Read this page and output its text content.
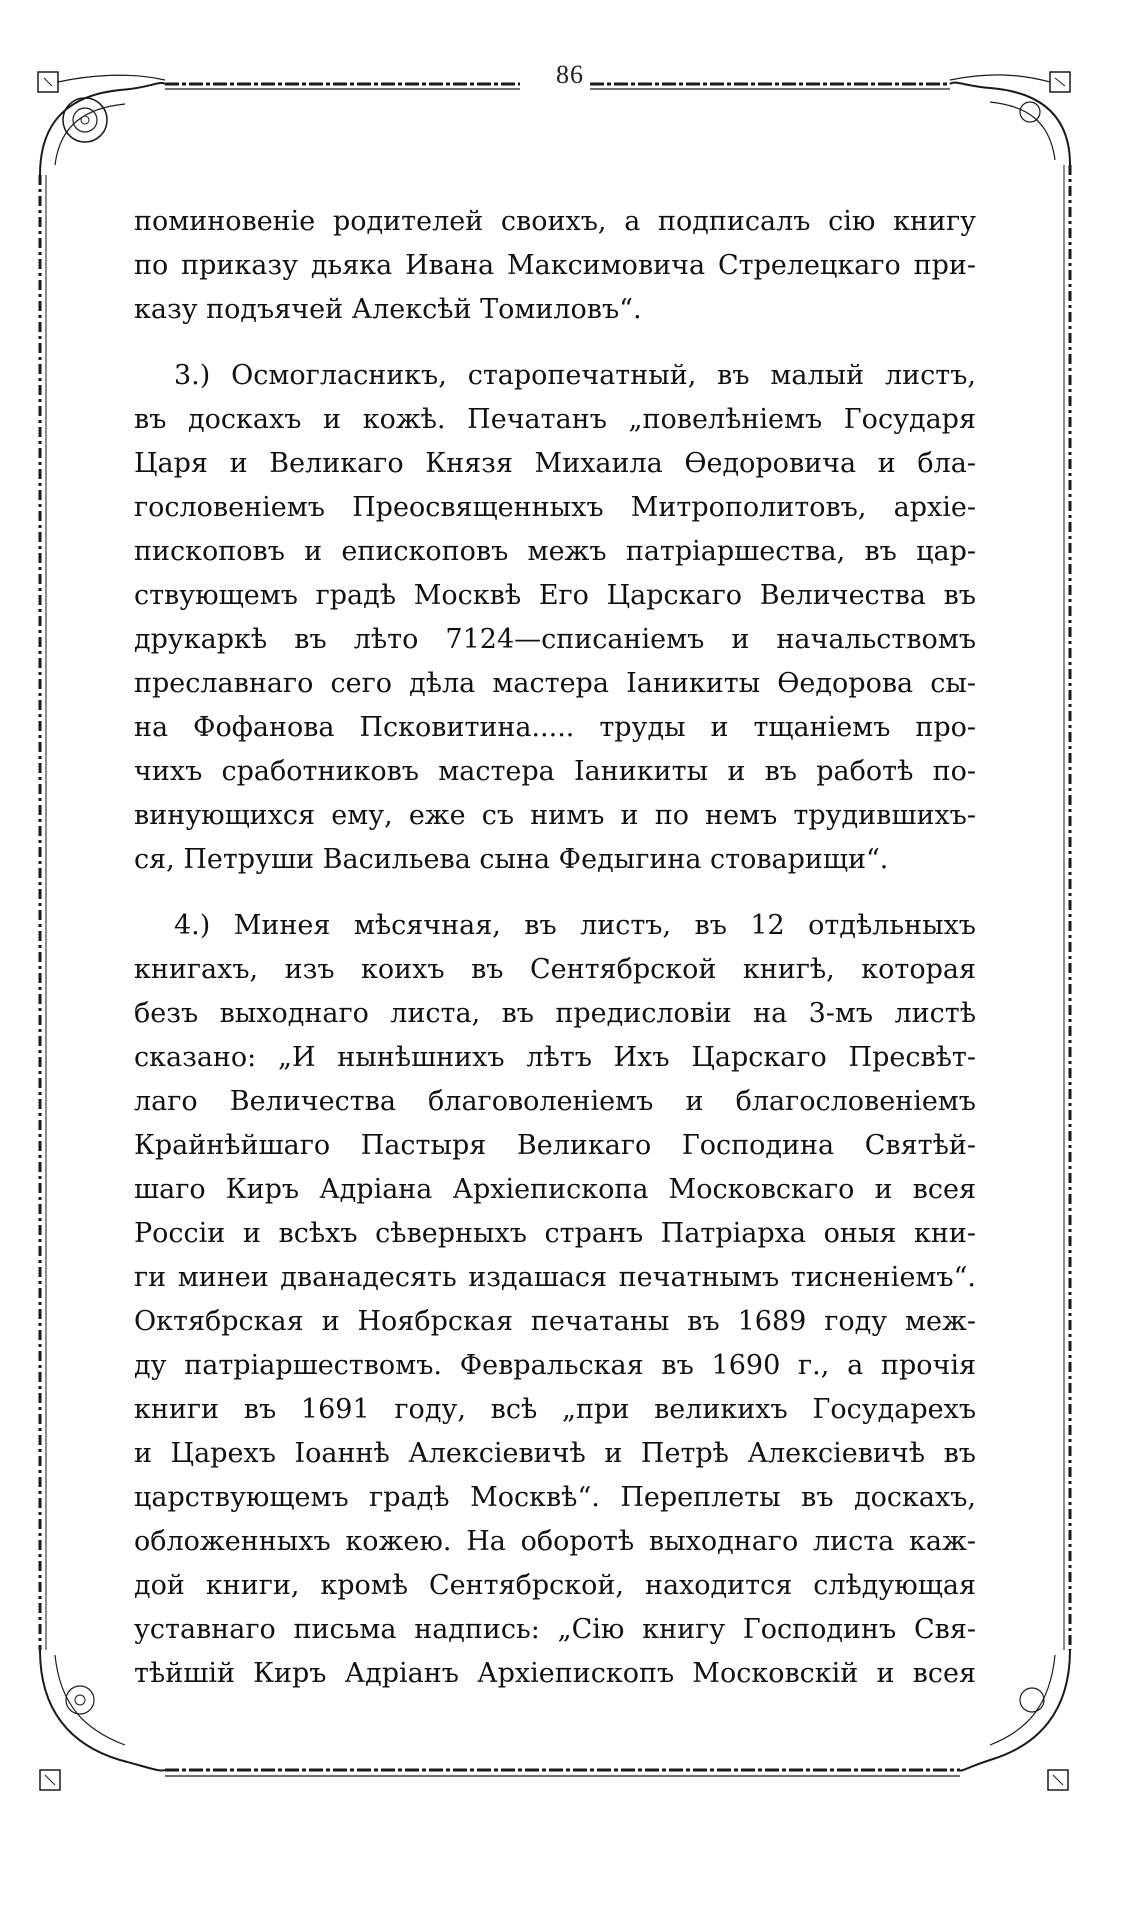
86
поминовеніе родителей своихъ, а подписалъ сію книгу
по приказу дьяка Ивана Максимовича Стрелецкаго при-
казу подъячей Алексѣй Томиловъ“.
3.) Осмогласникъ, старопечатный, въ малый листъ,
въ доскахъ и кожѣ. Печатанъ „повелѣніемъ Государя
Царя и Великаго Князя Михаила Ѳедоровича и бла-
гословеніемъ Преосвященныхъ Митрополитовъ, архіе-
пископовъ и епископовъ межъ патріаршества, въ цар-
ствующемъ градѣ Москвѣ Его Царскаго Величества въ
друкаркѣ въ лѣто 7124—списаніемъ и начальствомъ
преславнаго сего дѣла мастера Іаникиты Ѳедорова сы-
на Фофанова Псковитина..... труды и тщаніемъ про-
чихъ сработниковъ мастера Іаникиты и въ работѣ по-
винующихся ему, еже съ нимъ и по немъ трудившихъ-
ся, Петруши Васильева сына Федыгина стоварищи“.
4.) Минея мѣсячная, въ листъ, въ 12 отдѣльныхъ
книгахъ, изъ коихъ въ Сентябрской книгѣ, которая
безъ выходнаго листа, въ предисловіи на 3-мъ листѣ
сказано: „И нынѣшнихъ лѣтъ Ихъ Царскаго Пресвѣт-
лаго Величества благоволеніемъ и благословеніемъ
Крайнѣйшаго Пастыря Великаго Господина Святѣй-
шаго Киръ Адріана Архіепископа Московскаго и всея
Россіи и всѣхъ сѣверныхъ странъ Патріарха оныя кни-
ги минеи дванадесять издашася печатнымъ тисненіемъ“.
Октябрская и Ноябрская печатаны въ 1689 году меж-
ду патріаршествомъ. Февральская въ 1690 г., а прочія
книги въ 1691 году, всѣ „при великихъ Государехъ
и Царехъ Іоаннѣ Алексіевичѣ и Петрѣ Алексіевичѣ въ
царствующемъ градѣ Москвѣ“. Переплеты въ доскахъ,
обложенныхъ кожею. На оборотѣ выходнаго листа каж-
дой книги, кромѣ Сентябрской, находится слѣдующая
уставнаго письма надпись: „Сію книгу Господинъ Свя-
тѣйшій Киръ Адріанъ Архіепископъ Московскій и всея
